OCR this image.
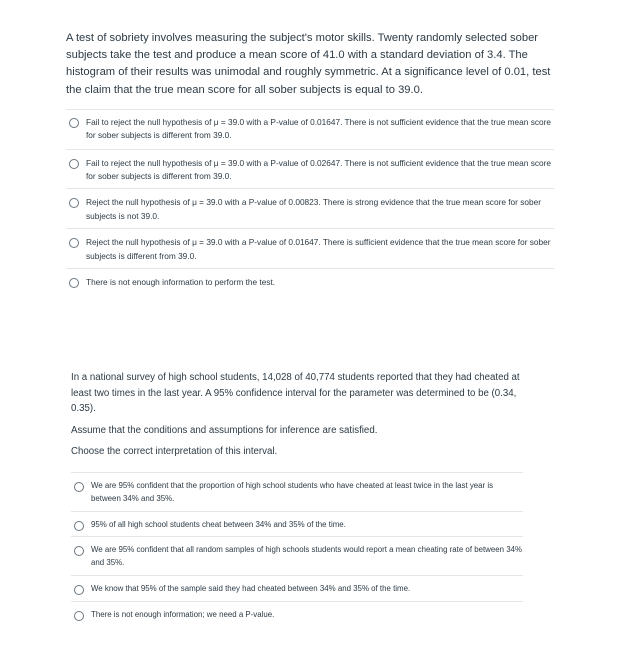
A test of sobriety involves measuring the subject's motor skills. Twenty randomly selected sober subjects take the test and produce a mean score of 41.0 with a standard deviation of 3.4. The histogram of their results was unimodal and roughly symmetric. At a significance level of 0.01, test the claim that the true mean score for all sober subjects is equal to 39.0.

Fail to reject the null hypothesis of μ = 39.0 with a P-value of 0.01647. There is not sufficient evidence that the true mean score for sober subjects is different from 39.0.
Fail to reject the null hypothesis of μ = 39.0 with a P-value of 0.02647. There is not sufficient evidence that the true mean score for sober subjects is different from 39.0.
Reject the null hypothesis of μ = 39.0 with a P-value of 0.00823. There is strong evidence that the true mean score for sober subjects is not 39.0.
Reject the null hypothesis of μ = 39.0 with a P-value of 0.01647. There is sufficient evidence that the true mean score for sober subjects is different from 39.0.
There is not enough information to perform the test.

In a national survey of high school students, 14,028 of 40,774 students reported that they had cheated at least two times in the last year. A 95% confidence interval for the parameter was determined to be (0.34, 0.35).

Assume that the conditions and assumptions for inference are satisfied.

Choose the correct interpretation of this interval.

We are 95% confident that the proportion of high school students who have cheated at least twice in the last year is between 34% and 35%.
95% of all high school students cheat between 34% and 35% of the time.
We are 95% confident that all random samples of high schools students would report a mean cheating rate of between 34% and 35%.
We know that 95% of the sample said they had cheated between 34% and 35% of the time.
There is not enough information; we need a P-value.
